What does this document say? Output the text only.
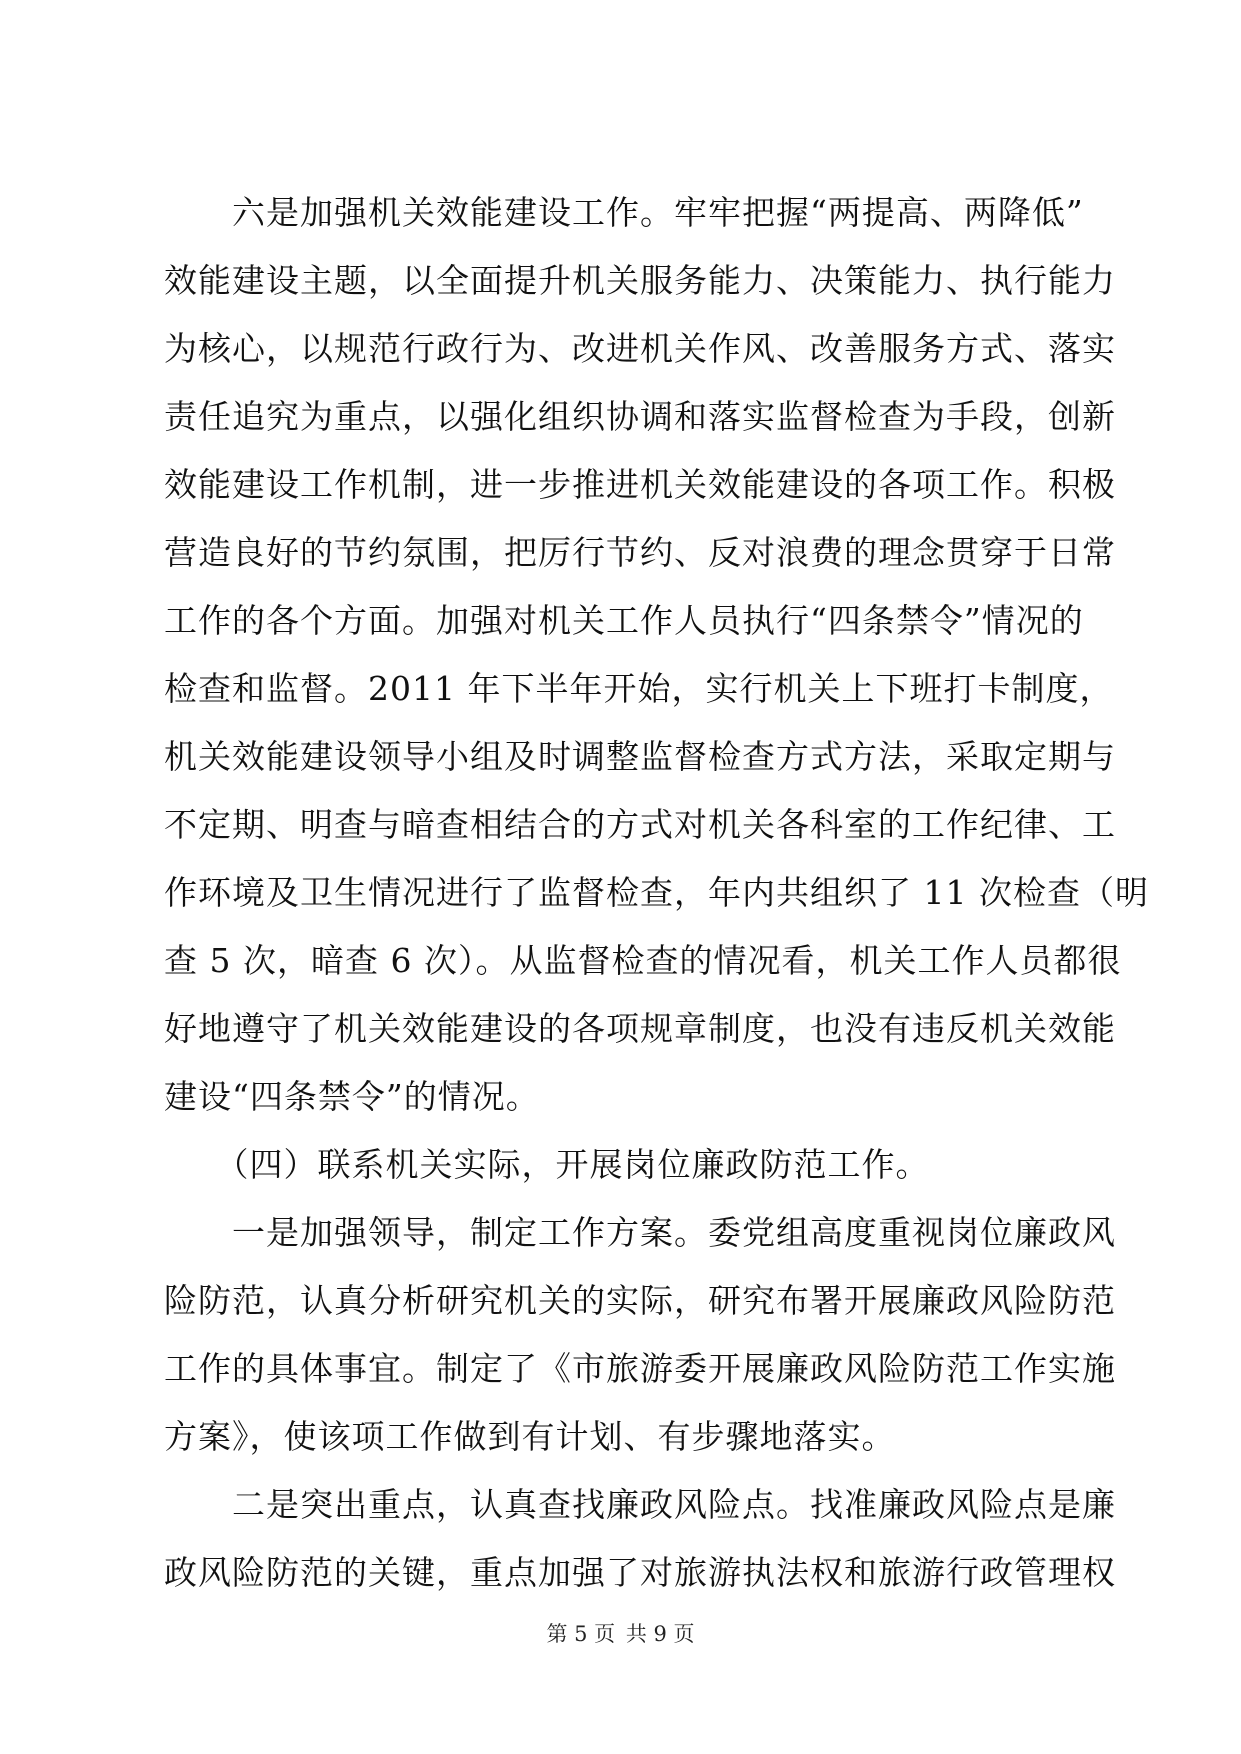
　　六是加强机关效能建设工作。牢牢把握“两提高、两降低”
效能建设主题，以全面提升机关服务能力、决策能力、执行能力
为核心，以规范行政行为、改进机关作风、改善服务方式、落实
责任追究为重点，以强化组织协调和落实监督检查为手段，创新
效能建设工作机制，进一步推进机关效能建设的各项工作。积极
营造良好的节约氛围，把厉行节约、反对浪费的理念贯穿于日常
工作的各个方面。加强对机关工作人员执行“四条禁令”情况的
检查和监督。2011 年下半年开始，实行机关上下班打卡制度，
机关效能建设领导小组及时调整监督检查方式方法，采取定期与
不定期、明查与暗查相结合的方式对机关各科室的工作纪律、工
作环境及卫生情况进行了监督检查，年内共组织了 11 次检查（明
查 5 次，暗查 6 次）。从监督检查的情况看，机关工作人员都很
好地遵守了机关效能建设的各项规章制度，也没有违反机关效能
建设“四条禁令”的情况。
　　（四）联系机关实际，开展岗位廉政防范工作。
　　一是加强领导，制定工作方案。委党组高度重视岗位廉政风
险防范，认真分析研究机关的实际，研究布署开展廉政风险防范
工作的具体事宜。制定了《市旅游委开展廉政风险防范工作实施
方案》，使该项工作做到有计划、有步骤地落实。
　　二是突出重点，认真查找廉政风险点。找准廉政风险点是廉
政风险防范的关键，重点加强了对旅游执法权和旅游行政管理权
第 5 页 共 9 页
